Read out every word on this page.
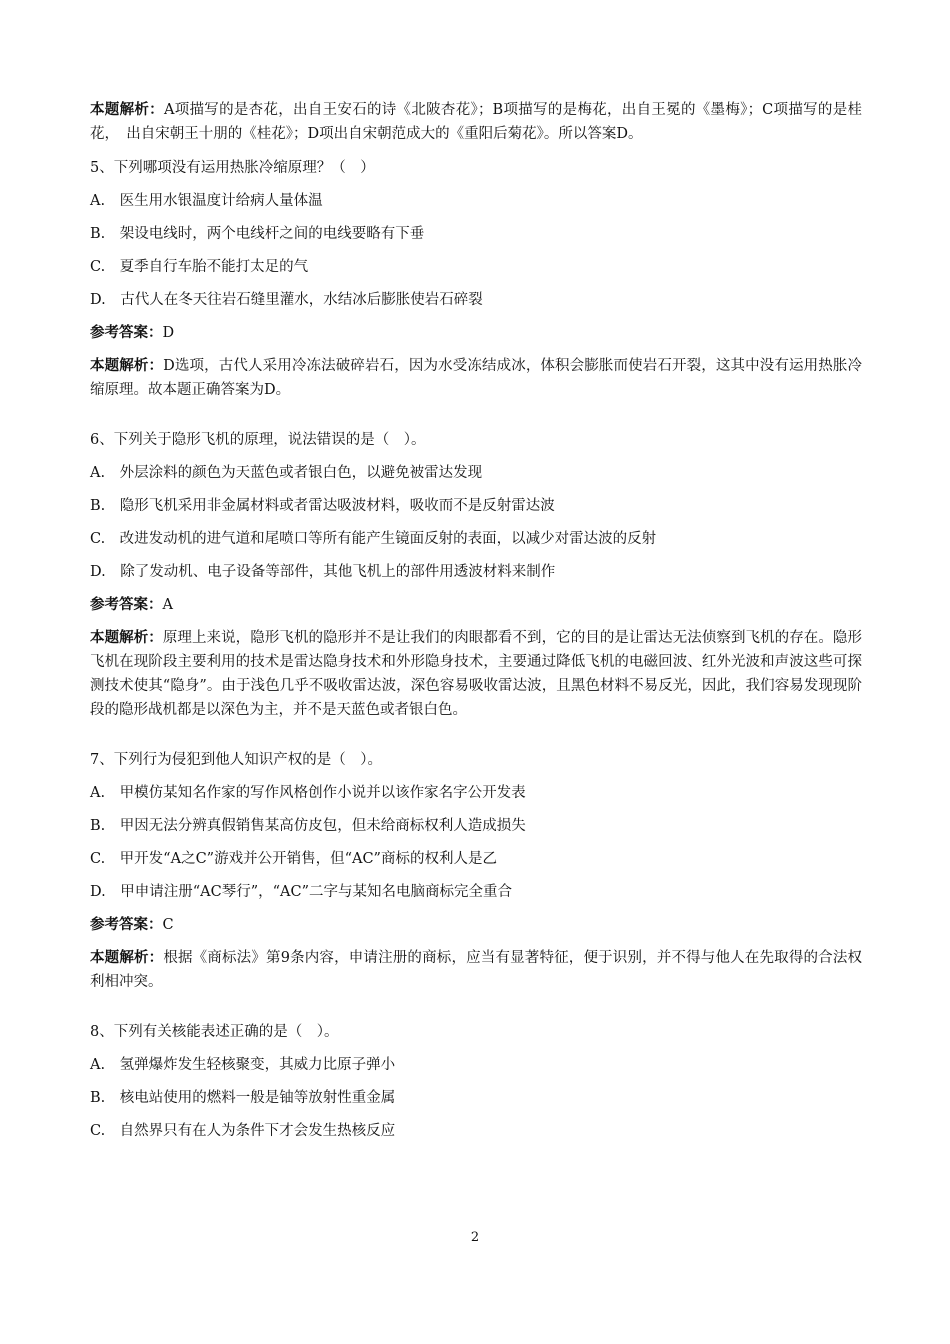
本题解析：A项描写的是杏花，出自王安石的诗《北陂杏花》；B项描写的是梅花，出自王冕的《墨梅》；C项描写的是桂花，　出自宋朝王十朋的《桂花》；D项出自宋朝范成大的《重阳后菊花》。所以答案D。

5、下列哪项没有运用热胀冷缩原理？（　）
A.　医生用水银温度计给病人量体温
B.　架设电线时，两个电线杆之间的电线要略有下垂
C.　夏季自行车胎不能打太足的气
D.　古代人在冬天往岩石缝里灌水，水结冰后膨胀使岩石碎裂
参考答案：D

本题解析：D选项，古代人采用冷冻法破碎岩石，因为水受冻结成冰，体积会膨胀而使岩石开裂，这其中没有运用热胀冷缩原理。故本题正确答案为D。

6、下列关于隐形飞机的原理，说法错误的是（　）。
A.　外层涂料的颜色为天蓝色或者银白色，以避免被雷达发现
B.　隐形飞机采用非金属材料或者雷达吸波材料，吸收而不是反射雷达波
C.　改进发动机的进气道和尾喷口等所有能产生镜面反射的表面，以减少对雷达波的反射
D.　除了发动机、电子设备等部件，其他飞机上的部件用透波材料来制作
参考答案：A

本题解析：原理上来说，隐形飞机的隐形并不是让我们的肉眼都看不到，它的目的是让雷达无法侦察到飞机的存在。隐形飞机在现阶段主要利用的技术是雷达隐身技术和外形隐身技术，主要通过降低飞机的电磁回波、红外光波和声波这些可探测技术使其“隐身”。由于浅色几乎不吸收雷达波，深色容易吸收雷达波，且黑色材料不易反光，因此，我们容易发现现阶段的隐形战机都是以深色为主，并不是天蓝色或者银白色。

7、下列行为侵犯到他人知识产权的是（　）。
A.　甲模仿某知名作家的写作风格创作小说并以该作家名字公开发表
B.　甲因无法分辨真假销售某高仿皮包，但未给商标权利人造成损失
C.　甲开发“A之C”游戏并公开销售，但“AC”商标的权利人是乙
D.　甲申请注册“AC琴行”，“AC”二字与某知名电脑商标完全重合
参考答案：C

本题解析：根据《商标法》第9条内容，申请注册的商标，应当有显著特征，便于识别，并不得与他人在先取得的合法权利相冲突。

8、下列有关核能表述正确的是（　）。
A.　氢弹爆炸发生轻核聚变，其威力比原子弹小
B.　核电站使用的燃料一般是铀等放射性重金属
C.　自然界只有在人为条件下才会发生热核反应
2
